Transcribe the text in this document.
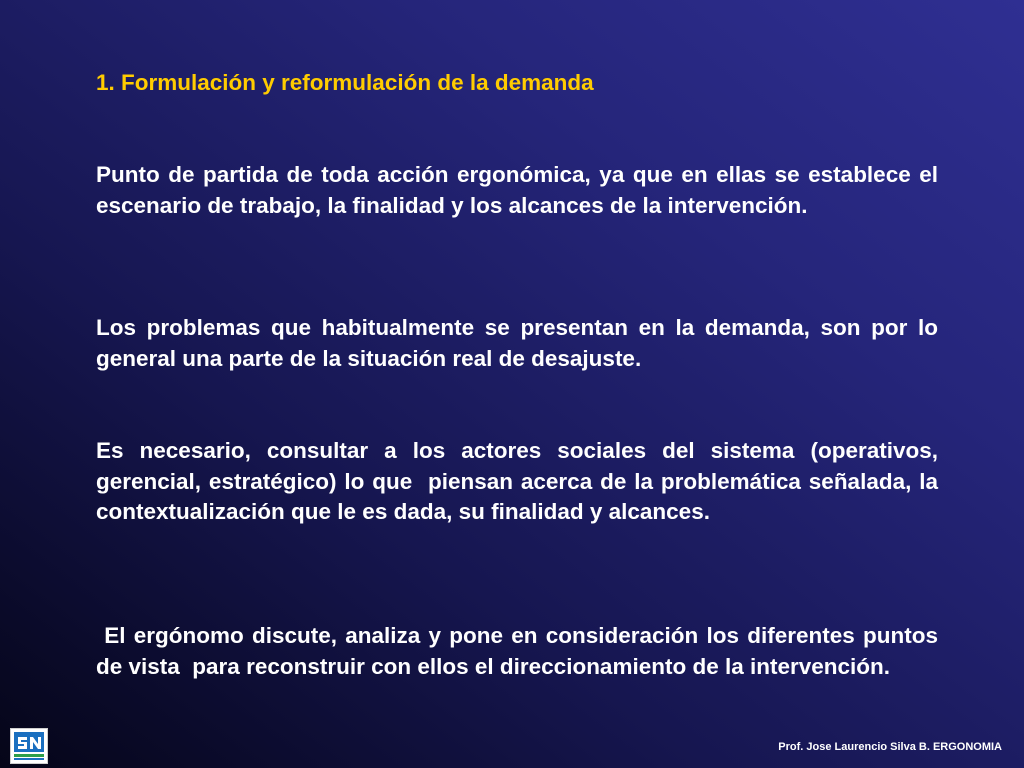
1. Formulación y reformulación de la demanda

Punto de partida de toda acción ergonómica, ya que en ellas se establece el escenario de trabajo, la finalidad y los alcances de la intervención.

Los problemas que habitualmente se presentan en la demanda, son por lo general una parte de la situación real de desajuste.

Es necesario, consultar a los actores sociales del sistema (operativos, gerencial, estratégico) lo que  piensan acerca de la problemática señalada, la contextualización que le es dada, su finalidad y alcances.

El ergónomo discute, analiza y pone en consideración los diferentes puntos de vista  para reconstruir con ellos el direccionamiento de la intervención.

Prof. Jose Laurencio Silva B. ERGONOMIA
